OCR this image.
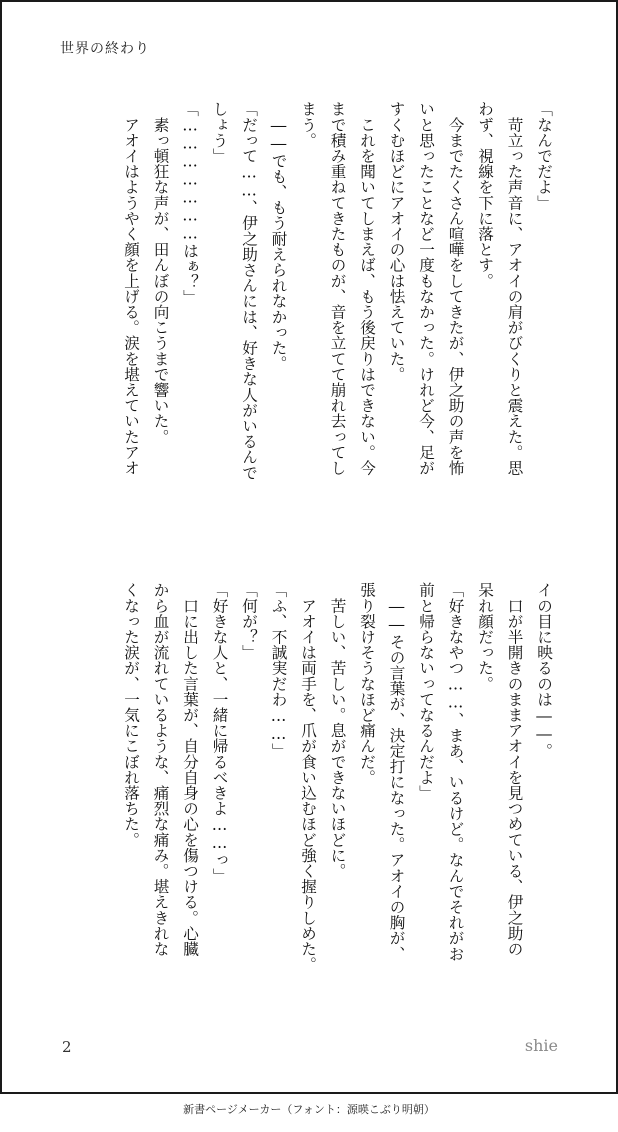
世界の終わり
「なんでだよ」
　苛立った声音に、アオイの肩がびくりと震えた。思
わず、視線を下に落とす。
　今までたくさん喧嘩をしてきたが、伊之助の声を怖
いと思ったことなど一度もなかった。けれど今、足が
すくむほどにアオイの心は怯えていた。
　これを聞いてしまえば、もう後戻りはできない。今
まで積み重ねてきたものが、音を立てて崩れ去ってし
まう。
　――でも、もう耐えられなかった。
「だって……、伊之助さんには、好きな人がいるんで
しょう」
「…………………はぁ？」
　素っ頓狂な声が、田んぼの向こうまで響いた。
　アオイはようやく顔を上げる。涙を堪えていたアオ
イの目に映るのは――。
　口が半開きのままアオイを見つめている、伊之助の
呆れ顔だった。
「好きなやつ……、まあ、いるけど。なんでそれがお
前と帰らないってなるんだよ」
　――その言葉が、決定打になった。アオイの胸が、
張り裂けそうなほど痛んだ。
　苦しい、苦しい。息ができないほどに。
　アオイは両手を、爪が食い込むほど強く握りしめた。
「ふ、不誠実だわ……」
「何が？」
「好きな人と、一緒に帰るべきよ……っ」
　口に出した言葉が、自分自身の心を傷つける。心臓
から血が流れているような、痛烈な痛み。堪えきれな
くなった涙が、一気にこぼれ落ちた。
2	shie
新書ページメーカー（フォント：源暎こぶり明朝）
